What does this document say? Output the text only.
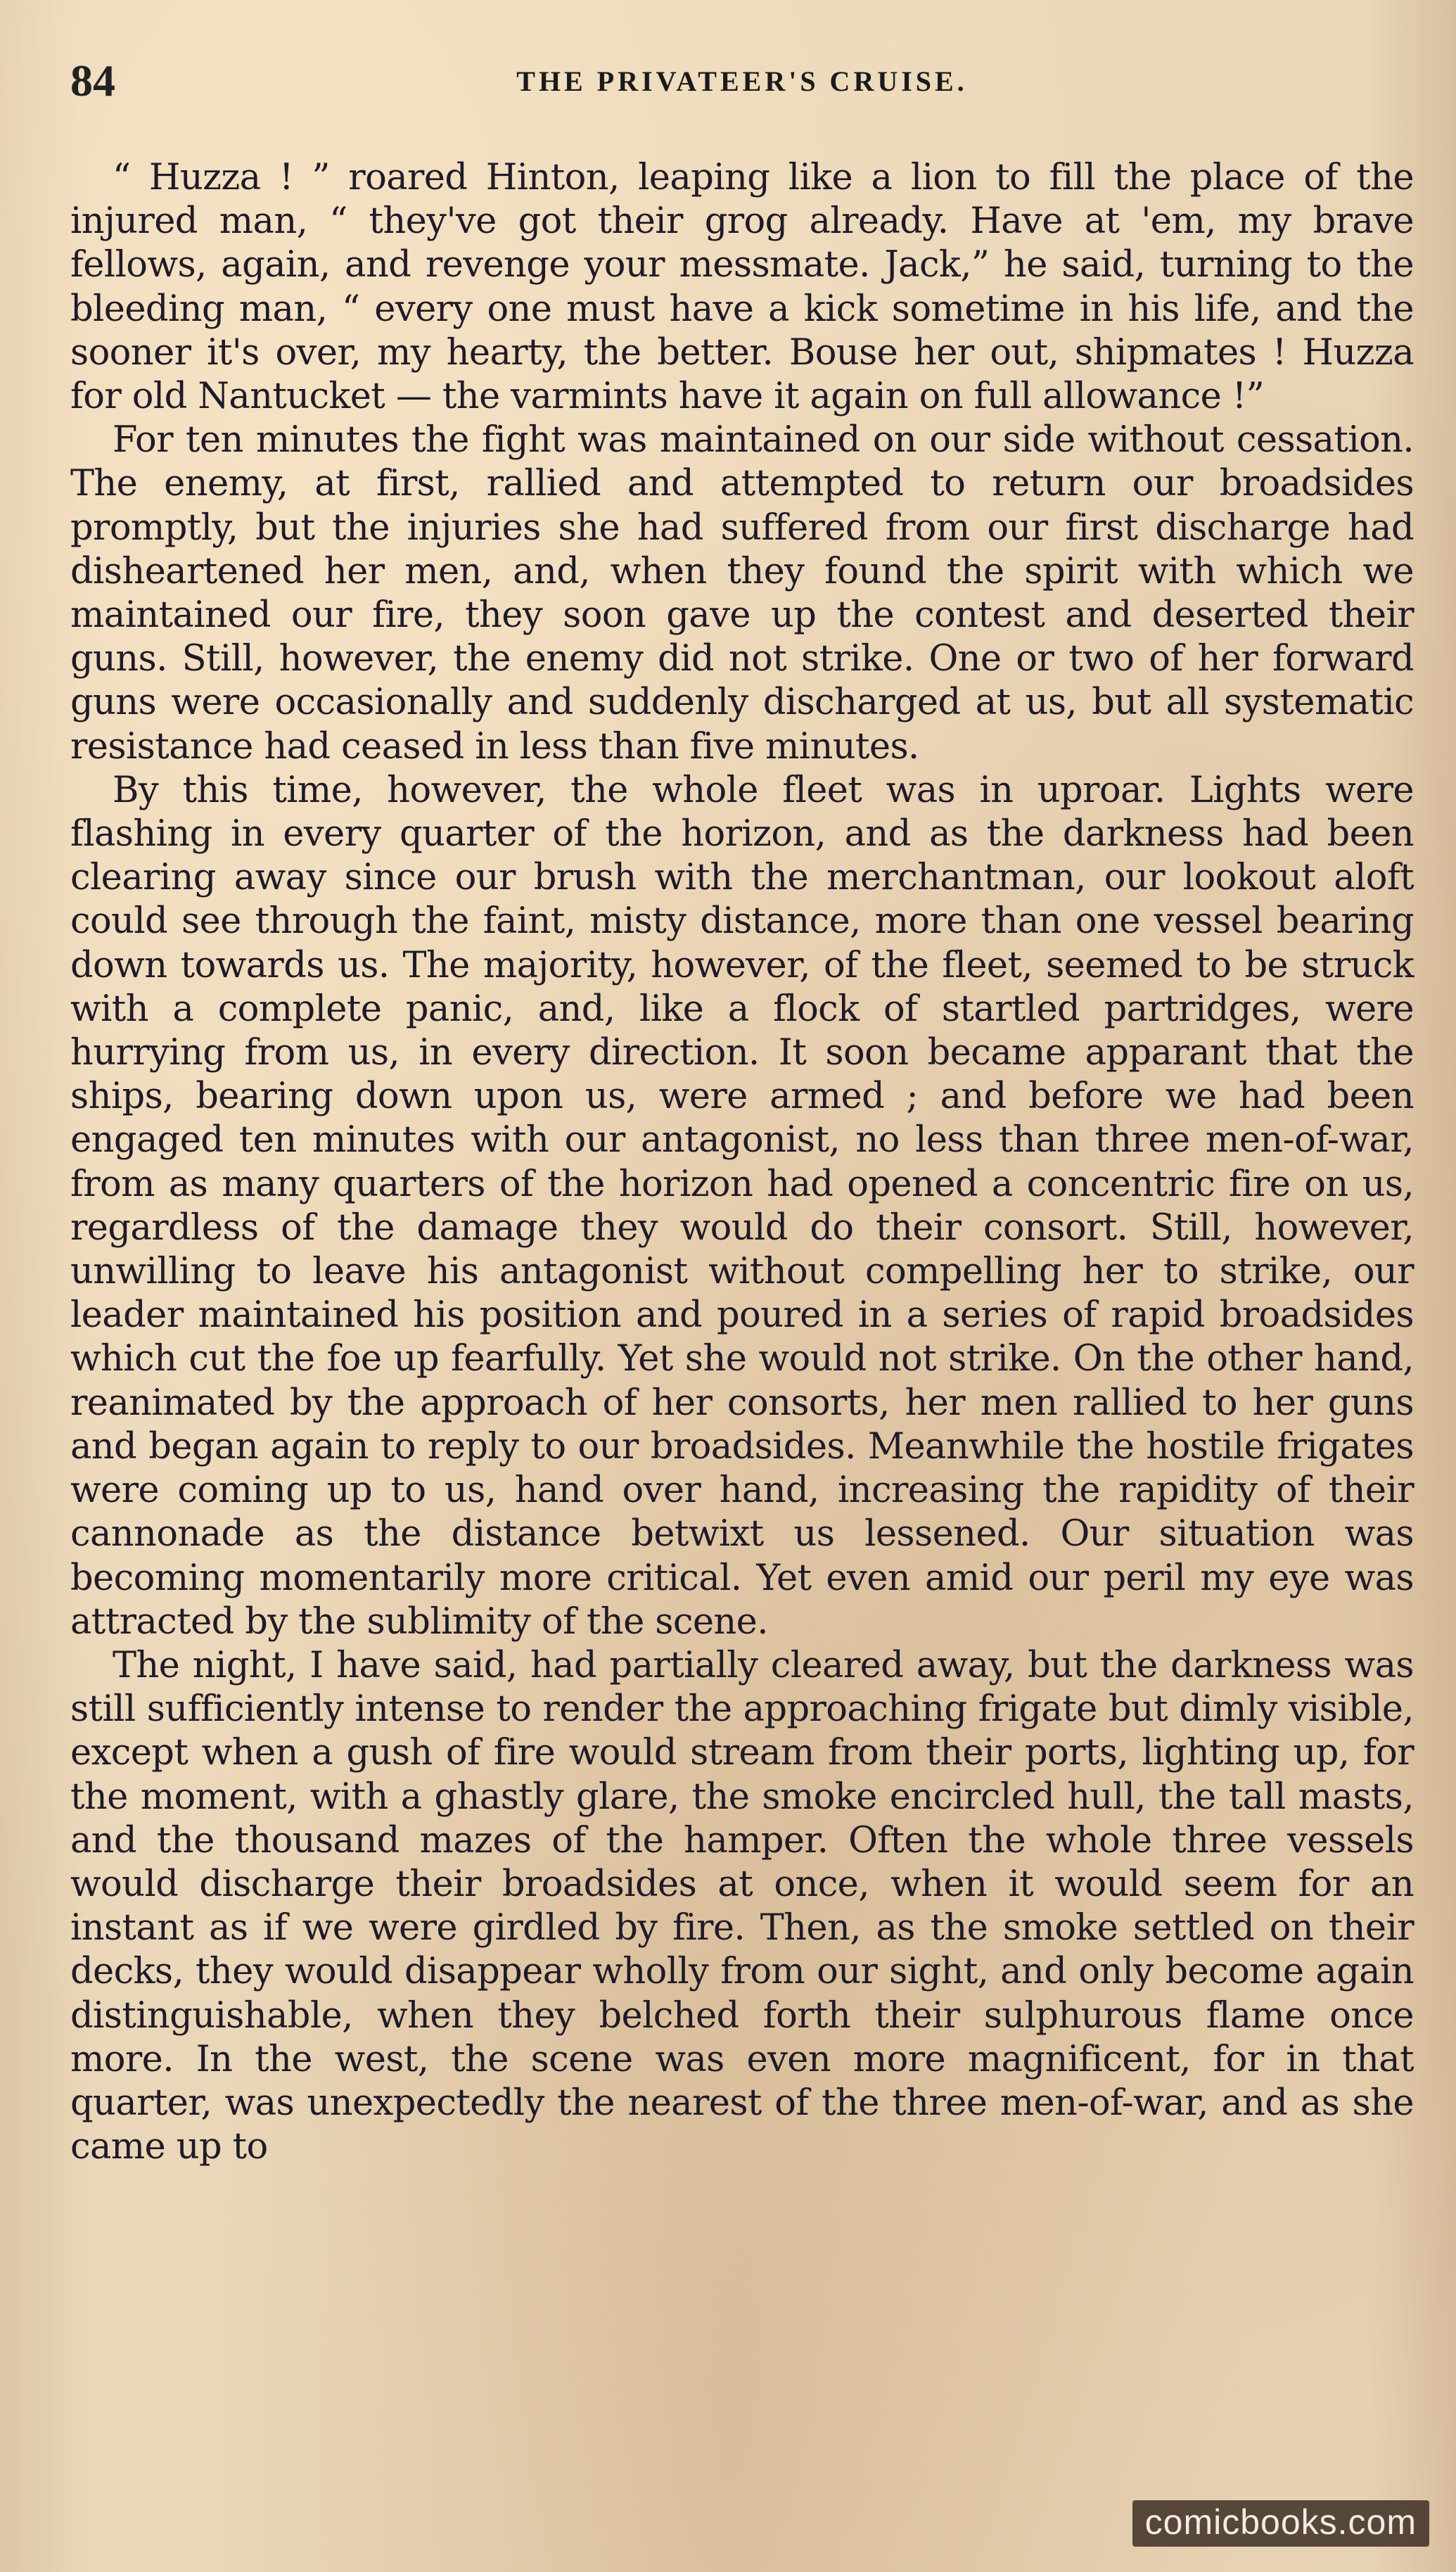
84	THE PRIVATEER'S CRUISE.

“ Huzza ! ” roared Hinton, leaping like a lion to fill the place of the injured man, “ they've got their grog already. Have at 'em, my brave fellows, again, and revenge your messmate. Jack,” he said, turning to the bleeding man, “ every one must have a kick sometime in his life, and the sooner it's over, my hearty, the better. Bouse her out, shipmates ! Huzza for old Nantucket — the varmints have it again on full allowance !”

For ten minutes the fight was maintained on our side without cessation. The enemy, at first, rallied and attempted to return our broadsides promptly, but the injuries she had suffered from our first discharge had disheartened her men, and, when they found the spirit with which we maintained our fire, they soon gave up the contest and deserted their guns. Still, however, the enemy did not strike. One or two of her forward guns were occasionally and suddenly discharged at us, but all systematic resistance had ceased in less than five minutes.

By this time, however, the whole fleet was in uproar. Lights were flashing in every quarter of the horizon, and as the darkness had been clearing away since our brush with the merchantman, our lookout aloft could see through the faint, misty distance, more than one vessel bearing down towards us. The majority, however, of the fleet, seemed to be struck with a complete panic, and, like a flock of startled partridges, were hurrying from us, in every direction. It soon became apparant that the ships, bearing down upon us, were armed ; and before we had been engaged ten minutes with our antagonist, no less than three men-of-war, from as many quarters of the horizon had opened a concentric fire on us, regardless of the damage they would do their consort. Still, however, unwilling to leave his antagonist without compelling her to strike, our leader maintained his position and poured in a series of rapid broadsides which cut the foe up fearfully. Yet she would not strike. On the other hand, reanimated by the approach of her consorts, her men rallied to her guns and began again to reply to our broadsides. Meanwhile the hostile frigates were coming up to us, hand over hand, increasing the rapidity of their cannonade as the distance betwixt us lessened. Our situation was becoming momentarily more critical. Yet even amid our peril my eye was attracted by the sublimity of the scene.

The night, I have said, had partially cleared away, but the darkness was still sufficiently intense to render the approaching frigate but dimly visible, except when a gush of fire would stream from their ports, lighting up, for the moment, with a ghastly glare, the smoke encircled hull, the tall masts, and the thousand mazes of the hamper. Often the whole three vessels would discharge their broadsides at once, when it would seem for an instant as if we were girdled by fire. Then, as the smoke settled on their decks, they would disappear wholly from our sight, and only become again distinguishable, when they belched forth their sulphurous flame once more. In the west, the scene was even more magnificent, for in that quarter, was unexpectedly the nearest of the three men-of-war, and as she came up to

comicbooks.com
